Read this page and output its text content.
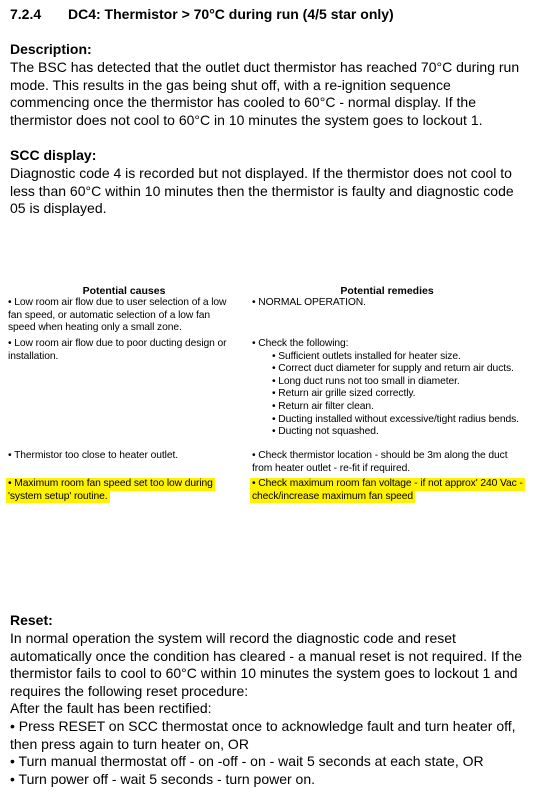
7.2.4 DC4: Thermistor > 70°C during run (4/5 star only)
Description:
The BSC has detected that the outlet duct thermistor has reached 70°C during run mode. This results in the gas being shut off, with a re-ignition sequence commencing once the thermistor has cooled to 60°C - normal display. If the thermistor does not cool to 60°C in 10 minutes the system goes to lockout 1.
SCC display:
Diagnostic code 4 is recorded but not displayed. If the thermistor does not cool to less than 60°C within 10 minutes then the thermistor is faulty and diagnostic code 05 is displayed.
Potential causes	Potential remedies
• Low room air flow due to user selection of a low fan speed, or automatic selection of a low fan speed when heating only a small zone.
• Low room air flow due to poor ducting design or installation.
• Thermistor too close to heater outlet.
• Maximum room fan speed set too low during
'system setup' routine.
• NORMAL OPERATION.
• Check the following:
• Sufficient outlets installed for heater size.
• Correct duct diameter for supply and return air ducts.
• Long duct runs not too small in diameter.
• Return air grille sized correctly.
• Return air filter clean.
• Ducting installed without excessive/tight radius bends.
• Ducting not squashed.
• Check thermistor location - should be 3m along the duct from heater outlet - re-fit if required.
• Check maximum room fan voltage - if not approx' 240 Vac -
check/increase maximum fan speed
Reset:
In normal operation the system will record the diagnostic code and reset automatically once the condition has cleared - a manual reset is not required. If the thermistor fails to cool to 60°C within 10 minutes the system goes to lockout 1 and requires the following reset procedure:
After the fault has been rectified:
• Press RESET on SCC thermostat once to acknowledge fault and turn heater off, then press again to turn heater on, OR
• Turn manual thermostat off - on -off - on - wait 5 seconds at each state, OR
• Turn power off - wait 5 seconds - turn power on.
